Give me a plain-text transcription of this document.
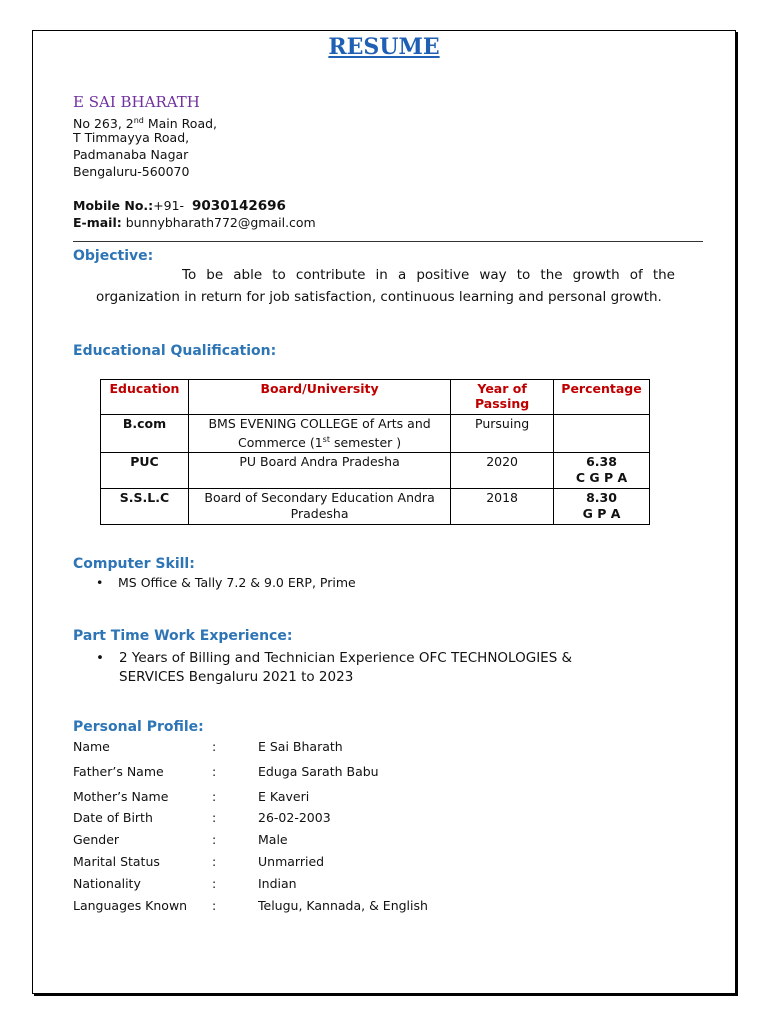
RESUME
E SAI BHARATH
No 263, 2nd Main Road,
T Timmayya Road,
Padmanaba Nagar
Bengaluru-560070
Mobile No.:+91- 9030142696
E-mail: bunnybharath772@gmail.com
Objective:
To be able to contribute in a positive way to the growth of the organization in return for job satisfaction, continuous learning and personal growth.
Educational Qualification:
Education	Board/University	Year of Passing	Percentage
B.com	BMS EVENING COLLEGE of Arts and Commerce (1st semester )	Pursuing	
PUC	PU Board Andra Pradesha	2020	6.38
C G P A

S.S.L.C	Board of Secondary Education Andra Pradesha	2018	8.30
G P A
Computer Skill:
• MS Office & Tally 7.2 & 9.0 ERP, Prime
Part Time Work Experience:
• 2 Years of Billing and Technician Experience OFC TECHNOLOGIES & SERVICES Bengaluru 2021 to 2023
Personal Profile:
Name	:	E Sai Bharath
Father’s Name	:	Eduga Sarath Babu
Mother’s Name	:	E Kaveri
Date of Birth	:	26-02-2003
Gender	:	Male
Marital Status	:	Unmarried
Nationality	:	Indian
Languages Known :	Telugu, Kannada, & English
